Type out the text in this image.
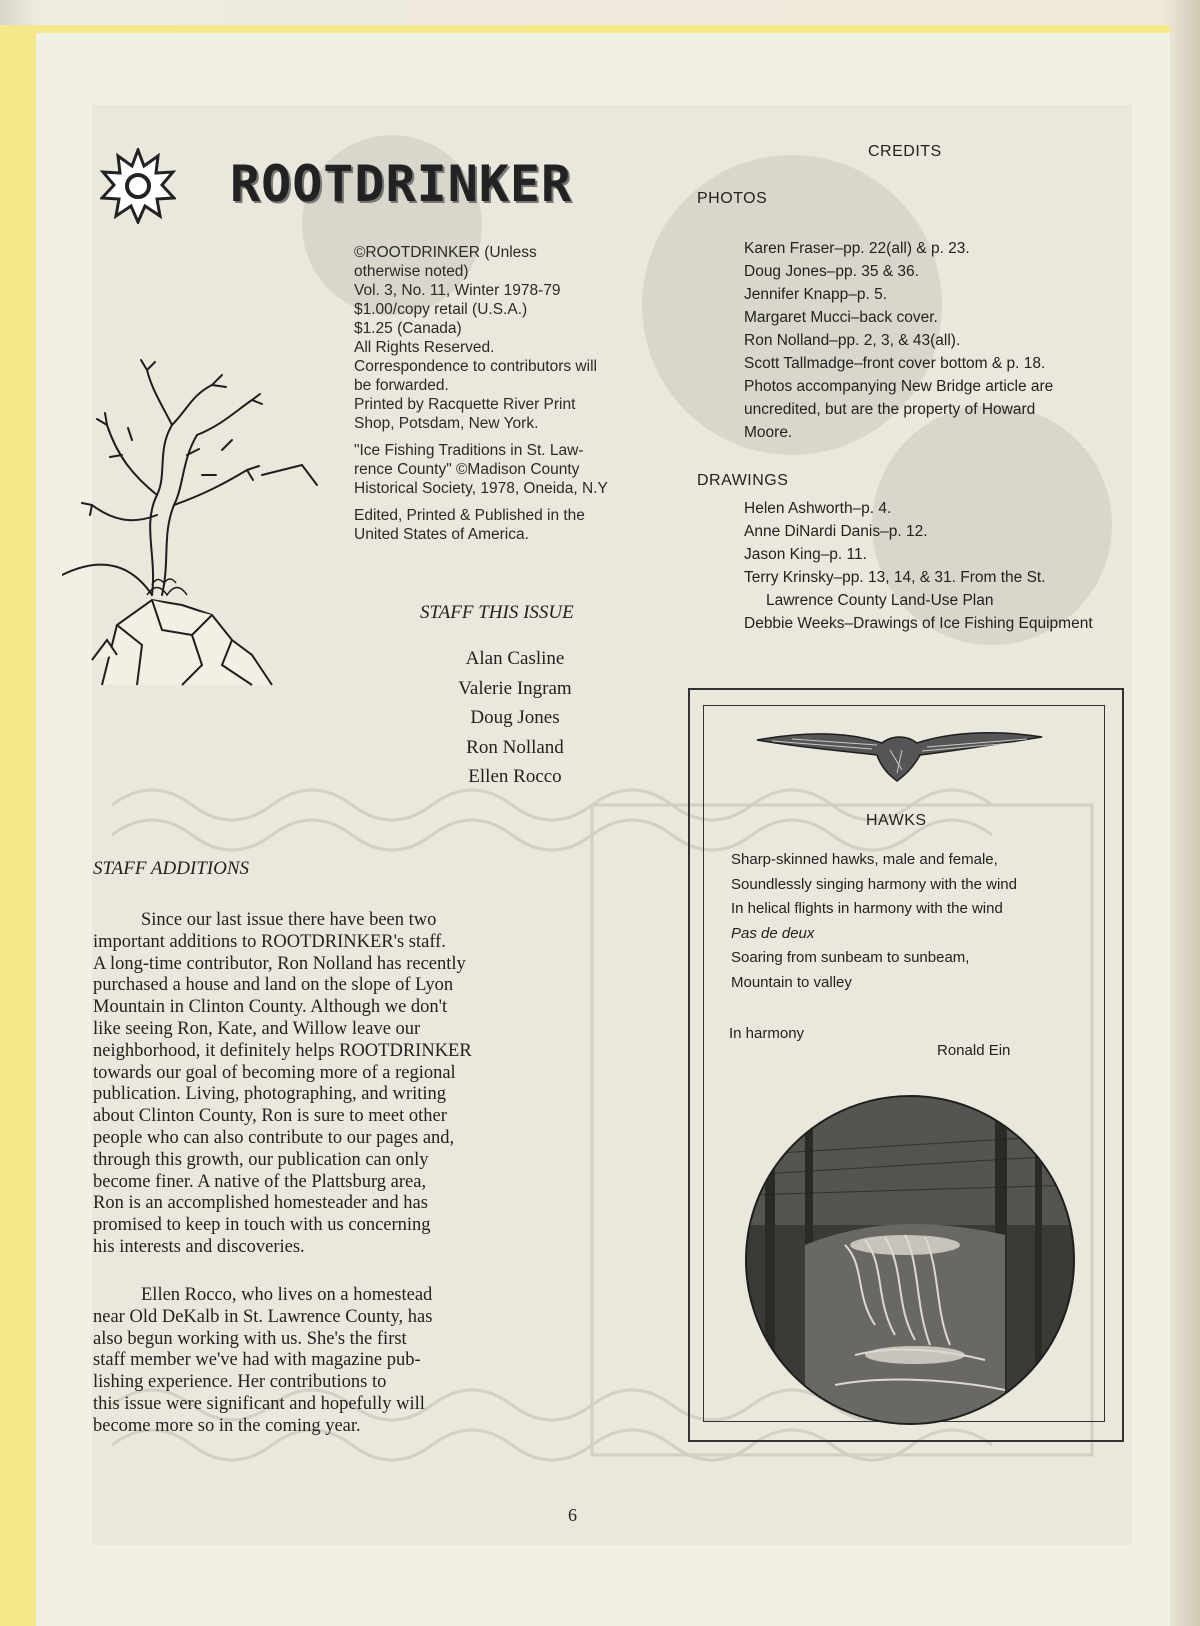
ROOTDRINKER

©ROOTDRINKER (Unless
otherwise noted)
Vol. 3, No. 11, Winter 1978-79
$1.00/copy retail (U.S.A.)
$1.25 (Canada)
All Rights Reserved.
Correspondence to contributors will
be forwarded.
Printed by Racquette River Print
Shop, Potsdam, New York.

"Ice Fishing Traditions in St. Law-
rence County" ©Madison County
Historical Society, 1978, Oneida, N.Y

Edited, Printed & Published in the
United States of America.

STAFF THIS ISSUE
Alan Casline
Valerie Ingram
Doug Jones
Ron Nolland
Ellen Rocco
CREDITS
PHOTOS
Karen Fraser–pp. 22(all) & p. 23.
Doug Jones–pp. 35 & 36.
Jennifer Knapp–p. 5.
Margaret Mucci–back cover.
Ron Nolland–pp. 2, 3, & 43(all).
Scott Tallmadge–front cover bottom & p. 18.
Photos accompanying New Bridge article are
uncredited, but are the property of Howard
Moore.
DRAWINGS
Helen Ashworth–p. 4.
Anne DiNardi Danis–p. 12.
Jason King–p. 11.
Terry Krinsky–pp. 13, 14, & 31. From the St.
Lawrence County Land-Use Plan
Debbie Weeks–Drawings of Ice Fishing Equipment
STAFF ADDITIONS
Since our last issue there have been two
important additions to ROOTDRINKER's staff.
A long-time contributor, Ron Nolland has recently
purchased a house and land on the slope of Lyon
Mountain in Clinton County. Although we don't
like seeing Ron, Kate, and Willow leave our
neighborhood, it definitely helps ROOTDRINKER
towards our goal of becoming more of a regional
publication. Living, photographing, and writing
about Clinton County, Ron is sure to meet other
people who can also contribute to our pages and,
through this growth, our publication can only
become finer. A native of the Plattsburg area,
Ron is an accomplished homesteader and has
promised to keep in touch with us concerning
his interests and discoveries.
Ellen Rocco, who lives on a homestead
near Old DeKalb in St. Lawrence County, has
also begun working with us. She's the first
staff member we've had with magazine pub-
lishing experience. Her contributions to
this issue were significant and hopefully will
become more so in the coming year.
HAWKS
Sharp-skinned hawks, male and female,
Soundlessly singing harmony with the wind
In helical flights in harmony with the wind
Pas de deux
Soaring from sunbeam to sunbeam,
Mountain to valley
In harmony
Ronald Ein
6
